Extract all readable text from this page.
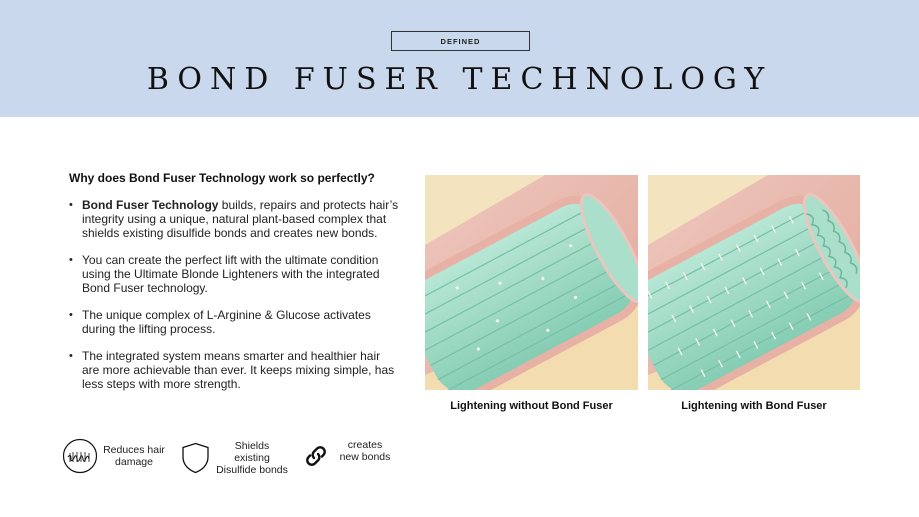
DEFINED
BOND FUSER TECHNOLOGY
Why does Bond Fuser Technology work so perfectly?
• Bond Fuser Technology builds, repairs and protects hair’s integrity using a unique, natural plant-based complex that shields existing disulfide bonds and creates new bonds.
• You can create the perfect lift with the ultimate condition using the Ultimate Blonde Lighteners with the integrated Bond Fuser technology.
• The unique complex of L-Arginine & Glucose activates during the lifting process.
• The integrated system means smarter and healthier hair are more achievable than ever. It keeps mixing simple, has less steps with more strength.
Reduces hair
damage
Shields existing
Disulfide bonds
creates
new bonds
Lightening without Bond Fuser	Lightening with Bond Fuser
